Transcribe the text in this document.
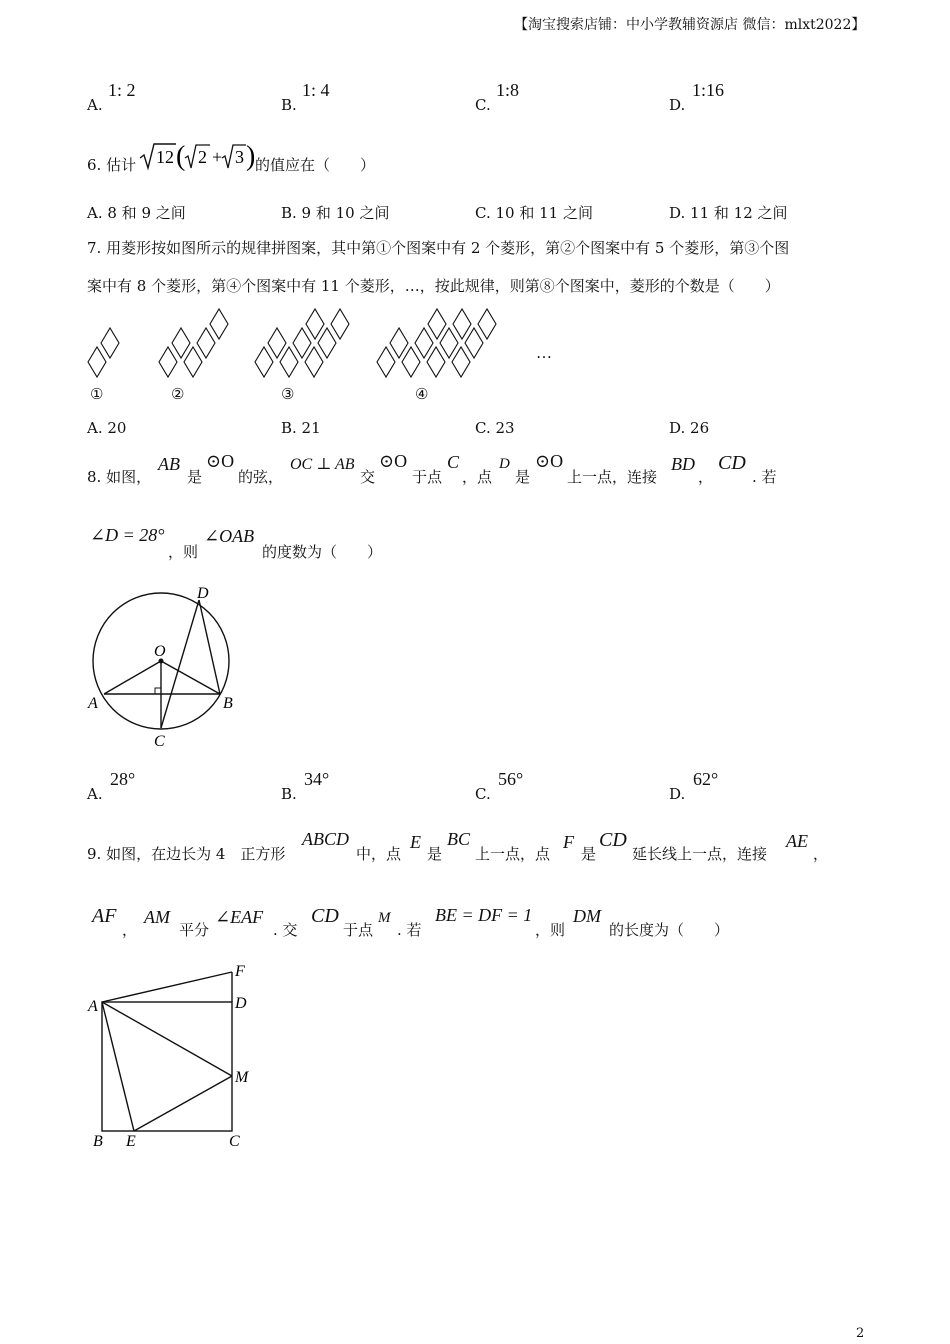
【淘宝搜索店铺：中小学教辅资源店 微信：mlxt2022】
A.
1: 2
B.
1: 4
C.
1:8
D.
1:16
6. 估计 12 ( 2 + 3 ) 的值应在（　　）
A. 8 和 9 之间	B. 9 和 10 之间	C. 10 和 11 之间	D. 11 和 12 之间
7. 用菱形按如图所示的规律拼图案，其中第①个图案中有 2 个菱形，第②个图案中有 5 个菱形，第③个图
案中有 8 个菱形，第④个图案中有 11 个菱形，…，按此规律，则第⑧个图案中，菱形的个数是（　　）
…
①	②	③	④
A. 20	B. 21	C. 23	D. 26
8. 如图，
AB
是
⊙O
的弦，
OC ⊥ AB
交
⊙O
于点
C
，点
D
是
⊙O
上一点，连接
BD
，
CD
. 若
∠D = 28°
，则
∠OAB
的度数为（　　）
D
O
A	B
C
A.
28°
B.
34°
C.
56°
D.
62°
9. 如图，在边长为 4　正方形
ABCD
中，点
E
是
BC
上一点，点
F
是
CD
延长线上一点，连接
AE
，
AF
，
AM
平分
∠EAF
. 交
CD
于点
M
. 若
BE = DF = 1
，则
DM
的长度为（　　）
F
A	D
M
B E	C
2
